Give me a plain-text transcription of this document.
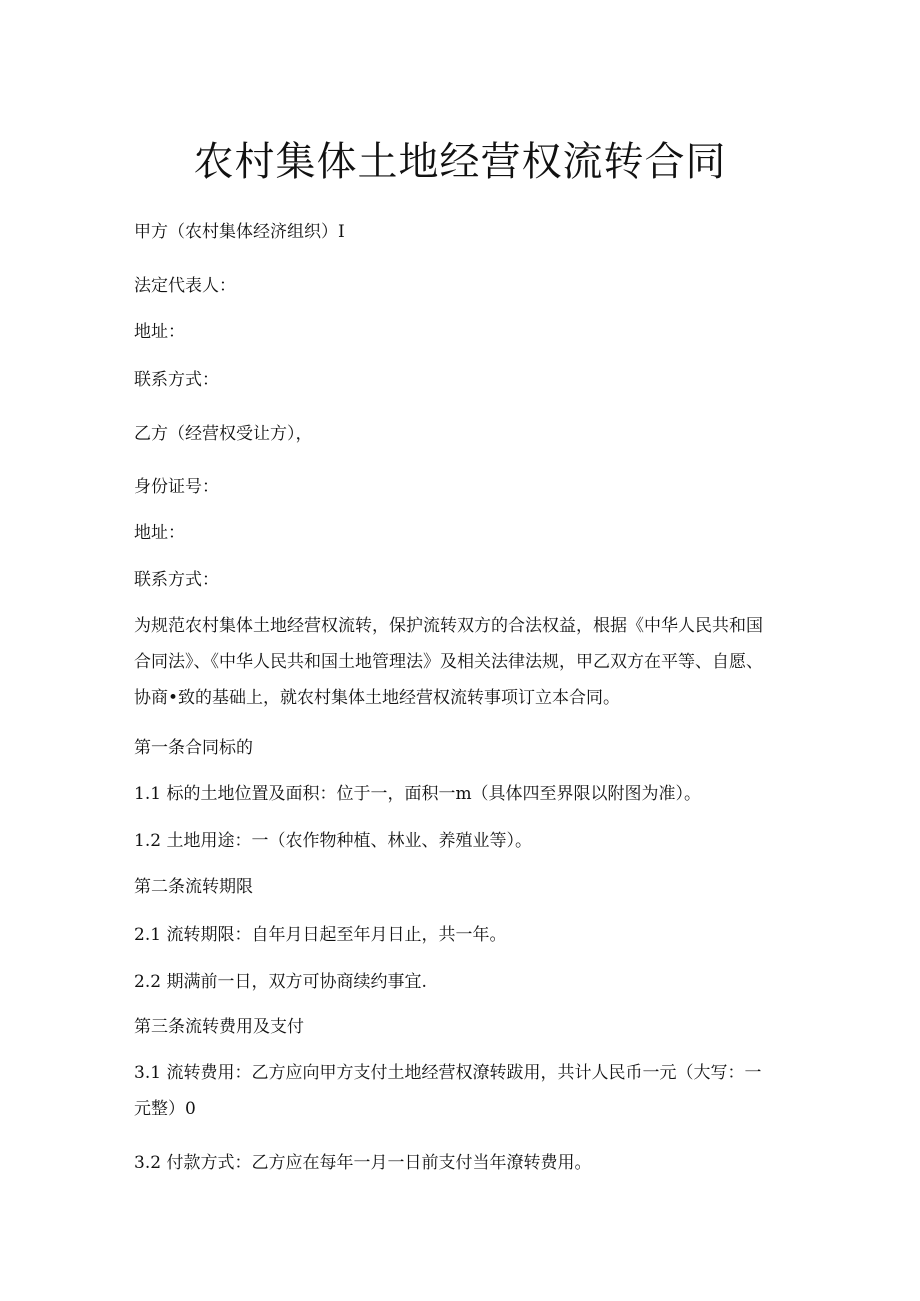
农村集体土地经营权流转合同

甲方（农村集体经济组织）I

法定代表人：

地址：

联系方式：

乙方（经营权受让方），

身份证号：

地址：

联系方式：

为规范农村集体土地经营权流转，保护流转双方的合法权益，根据《中华人民共和国合同法》、《中华人民共和国土地管理法》及相关法律法规，甲乙双方在平等、自愿、协商•致的基础上，就农村集体土地经营权流转事项订立本合同。

第一条合同标的

1.1 标的土地位置及面积：位于一，面积一m（具体四至界限以附图为准）。

1.2 土地用途：一（农作物种植、林业、养殖业等）。

第二条流转期限

2.1 流转期限：自年月日起至年月日止，共一年。

2.2 期满前一日，双方可协商续约事宜.

第三条流转费用及支付

3.1 流转费用：乙方应向甲方支付土地经营权潦转跋用，共计人民币一元（大写：一元整）0

3.2 付款方式：乙方应在每年一月一日前支付当年潦转费用。
